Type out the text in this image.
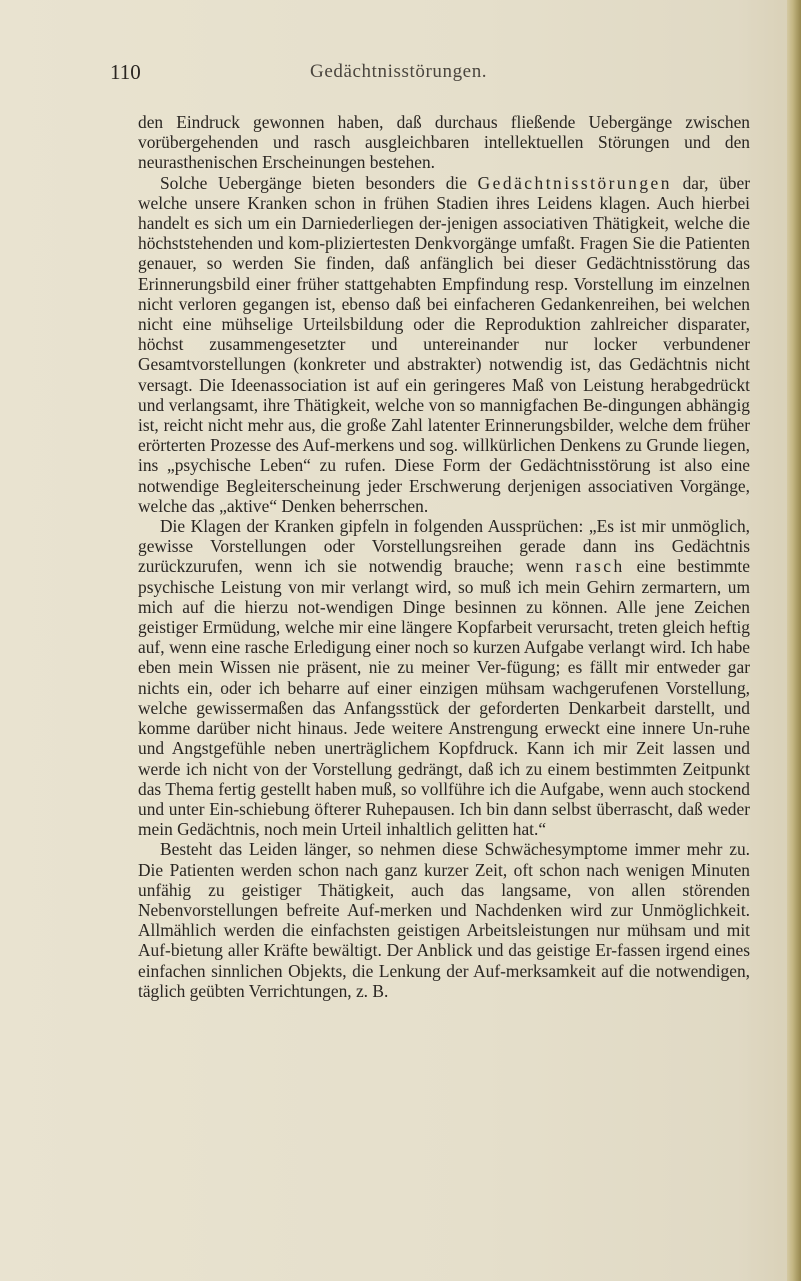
110	Gedächtnisstörungen.

den Eindruck gewonnen haben, daß durchaus fließende Uebergänge zwischen vorübergehenden und rasch ausgleichbaren intellektuellen Störungen und den neurasthenischen Erscheinungen bestehen.

Solche Uebergänge bieten besonders die Gedächtnisstörungen dar, über welche unsere Kranken schon in frühen Stadien ihres Leidens klagen. Auch hierbei handelt es sich um ein Darniederliegen der-jenigen associativen Thätigkeit, welche die höchststehenden und kom-pliziertesten Denkvorgänge umfaßt. Fragen Sie die Patienten genauer, so werden Sie finden, daß anfänglich bei dieser Gedächtnisstörung das Erinnerungsbild einer früher stattgehabten Empfindung resp. Vorstellung im einzelnen nicht verloren gegangen ist, ebenso daß bei einfacheren Gedankenreihen, bei welchen nicht eine mühselige Urteilsbildung oder die Reproduktion zahlreicher disparater, höchst zusammengesetzter und untereinander nur locker verbundener Gesamtvorstellungen (konkreter und abstrakter) notwendig ist, das Gedächtnis nicht versagt. Die Ideenassociation ist auf ein geringeres Maß von Leistung herabgedrückt und verlangsamt, ihre Thätigkeit, welche von so mannigfachen Be-dingungen abhängig ist, reicht nicht mehr aus, die große Zahl latenter Erinnerungsbilder, welche dem früher erörterten Prozesse des Auf-merkens und sog. willkürlichen Denkens zu Grunde liegen, ins „psychische Leben“ zu rufen. Diese Form der Gedächtnisstörung ist also eine notwendige Begleiterscheinung jeder Erschwerung derjenigen associativen Vorgänge, welche das „aktive“ Denken beherrschen.

Die Klagen der Kranken gipfeln in folgenden Aussprüchen: „Es ist mir unmöglich, gewisse Vorstellungen oder Vorstellungsreihen gerade dann ins Gedächtnis zurückzurufen, wenn ich sie notwendig brauche; wenn rasch eine bestimmte psychische Leistung von mir verlangt wird, so muß ich mein Gehirn zermartern, um mich auf die hierzu not-wendigen Dinge besinnen zu können. Alle jene Zeichen geistiger Ermüdung, welche mir eine längere Kopfarbeit verursacht, treten gleich heftig auf, wenn eine rasche Erledigung einer noch so kurzen Aufgabe verlangt wird. Ich habe eben mein Wissen nie präsent, nie zu meiner Ver-fügung; es fällt mir entweder gar nichts ein, oder ich beharre auf einer einzigen mühsam wachgerufenen Vorstellung, welche gewissermaßen das Anfangsstück der geforderten Denkarbeit darstellt, und komme darüber nicht hinaus. Jede weitere Anstrengung erweckt eine innere Un-ruhe und Angstgefühle neben unerträglichem Kopfdruck. Kann ich mir Zeit lassen und werde ich nicht von der Vorstellung gedrängt, daß ich zu einem bestimmten Zeitpunkt das Thema fertig gestellt haben muß, so vollführe ich die Aufgabe, wenn auch stockend und unter Ein-schiebung öfterer Ruhepausen. Ich bin dann selbst überrascht, daß weder mein Gedächtnis, noch mein Urteil inhaltlich gelitten hat.“

Besteht das Leiden länger, so nehmen diese Schwächesymptome immer mehr zu. Die Patienten werden schon nach ganz kurzer Zeit, oft schon nach wenigen Minuten unfähig zu geistiger Thätigkeit, auch das langsame, von allen störenden Nebenvorstellungen befreite Auf-merken und Nachdenken wird zur Unmöglichkeit. Allmählich werden die einfachsten geistigen Arbeitsleistungen nur mühsam und mit Auf-bietung aller Kräfte bewältigt. Der Anblick und das geistige Er-fassen irgend eines einfachen sinnlichen Objekts, die Lenkung der Auf-merksamkeit auf die notwendigen, täglich geübten Verrichtungen, z. B.
